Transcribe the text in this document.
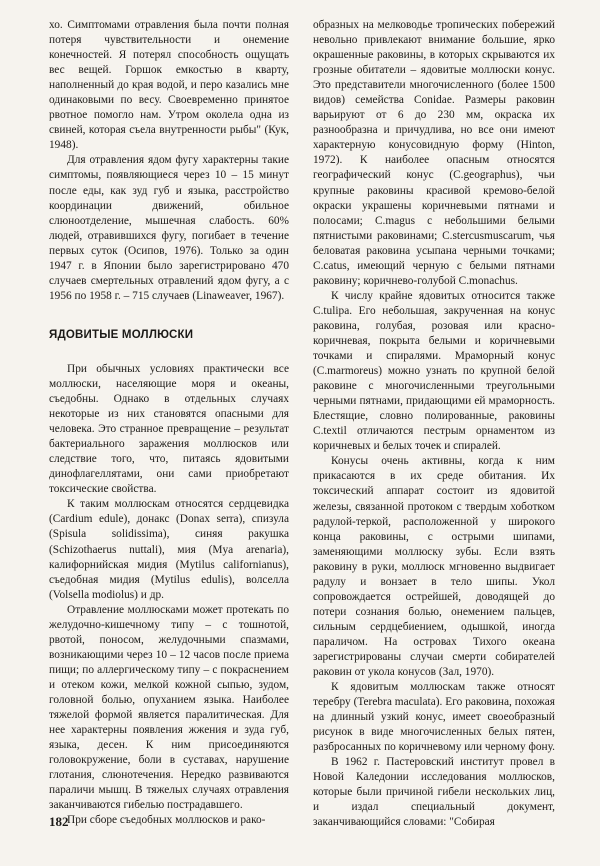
хо. Симптомами отравления была почти полная потеря чувствительности и онемение конечностей. Я потерял способность ощущать вес вещей. Горшок емкостью в кварту, наполненный до края водой, и перо казались мне одинаковыми по весу. Своевременно принятое рвотное помогло нам. Утром околела одна из свиней, которая съела внутренности рыбы" (Кук, 1948).

Для отравления ядом фугу характерны такие симптомы, появляющиеся через 10 – 15 минут после еды, как зуд губ и языка, расстройство координации движений, обильное слюноотделение, мышечная слабость. 60% людей, отравившихся фугу, погибает в течение первых суток (Осипов, 1976). Только за один 1947 г. в Японии было зарегистрировано 470 случаев смертельных отравлений ядом фугу, а с 1956 по 1958 г. – 715 случаев (Linaweaver, 1967).

ЯДОВИТЫЕ МОЛЛЮСКИ

При обычных условиях практически все моллюски, населяющие моря и океаны, съедобны. Однако в отдельных случаях некоторые из них становятся опасными для человека. Это странное превращение – результат бактериального заражения моллюсков или следствие того, что, питаясь ядовитыми динофлагеллятами, они сами приобретают токсические свойства.

К таким моллюскам относятся сердцевидка (Cardium edule), донакс (Donax serra), спизула (Spisula solidissima), синяя ракушка (Schizothaerus nuttali), мия (Mya arenaria), калифорнийская мидия (Mytilus californianus), съедобная мидия (Mytilus edulis), волселла (Volsella modiolus) и др.

Отравление моллюсками может протекать по желудочно-кишечному типу – с тошнотой, рвотой, поносом, желудочными спазмами, возникающими через 10 – 12 часов после приема пищи; по аллергическому типу – с покраснением и отеком кожи, мелкой кожной сыпью, зудом, головной болью, опуханием языка. Наиболее тяжелой формой является паралитическая. Для нее характерны появления жжения и зуда губ, языка, десен. К ним присоединяются головокружение, боли в суставах, нарушение глотания, слюнотечения. Нередко развиваются параличи мышц. В тяжелых случаях отравления заканчиваются гибелью пострадавшего.

При сборе съедобных моллюсков и рако-

образных на мелководье тропических побережий невольно привлекают внимание большие, ярко окрашенные раковины, в которых скрываются их грозные обитатели – ядовитые моллюски конус. Это представители многочисленного (более 1500 видов) семейства Conidae. Размеры раковин варьируют от 6 до 230 мм, окраска их разнообразна и причудлива, но все они имеют характерную конусовидную форму (Hinton, 1972). К наиболее опасным относятся географический конус (C.geographus), чьи крупные раковины красивой кремово-белой окраски украшены коричневыми пятнами и полосами; C.magus с небольшими белыми пятнистыми раковинами; C.stercusmuscarum, чья беловатая раковина усыпана черными точками; C.catus, имеющий черную с белыми пятнами раковину; коричнево-голубой C.monachus.

К числу крайне ядовитых относится также C.tulipa. Его небольшая, закрученная на конус раковина, голубая, розовая или красно-коричневая, покрыта белыми и коричневыми точками и спиралями. Мраморный конус (C.marmoreus) можно узнать по крупной белой раковине с многочисленными треугольными черными пятнами, придающими ей мраморность. Блестящие, словно полированные, раковины C.textil отличаются пестрым орнаментом из коричневых и белых точек и спиралей.

Конусы очень активны, когда к ним прикасаются в их среде обитания. Их токсический аппарат состоит из ядовитой железы, связанной протоком с твердым хоботком радулой-теркой, расположенной у широкого конца раковины, с острыми шипами, заменяющими моллюску зубы. Если взять раковину в руки, моллюск мгновенно выдвигает радулу и вонзает в тело шипы. Укол сопровождается острейшей, доводящей до потери сознания болью, онемением пальцев, сильным сердцебиением, одышкой, иногда параличом. На островах Тихого океана зарегистрированы случаи смерти собирателей раковин от укола конусов (Зал, 1970).

К ядовитым моллюскам также относят теребру (Terebra maculata). Его раковина, похожая на длинный узкий конус, имеет своеобразный рисунок в виде многочисленных белых пятен, разбросанных по коричневому или черному фону.

В 1962 г. Пастеровский институт провел в Новой Каледонии исследования моллюсков, которые были причиной гибели нескольких лиц, и издал специальный документ, заканчивающийся словами: "Собирая

182
